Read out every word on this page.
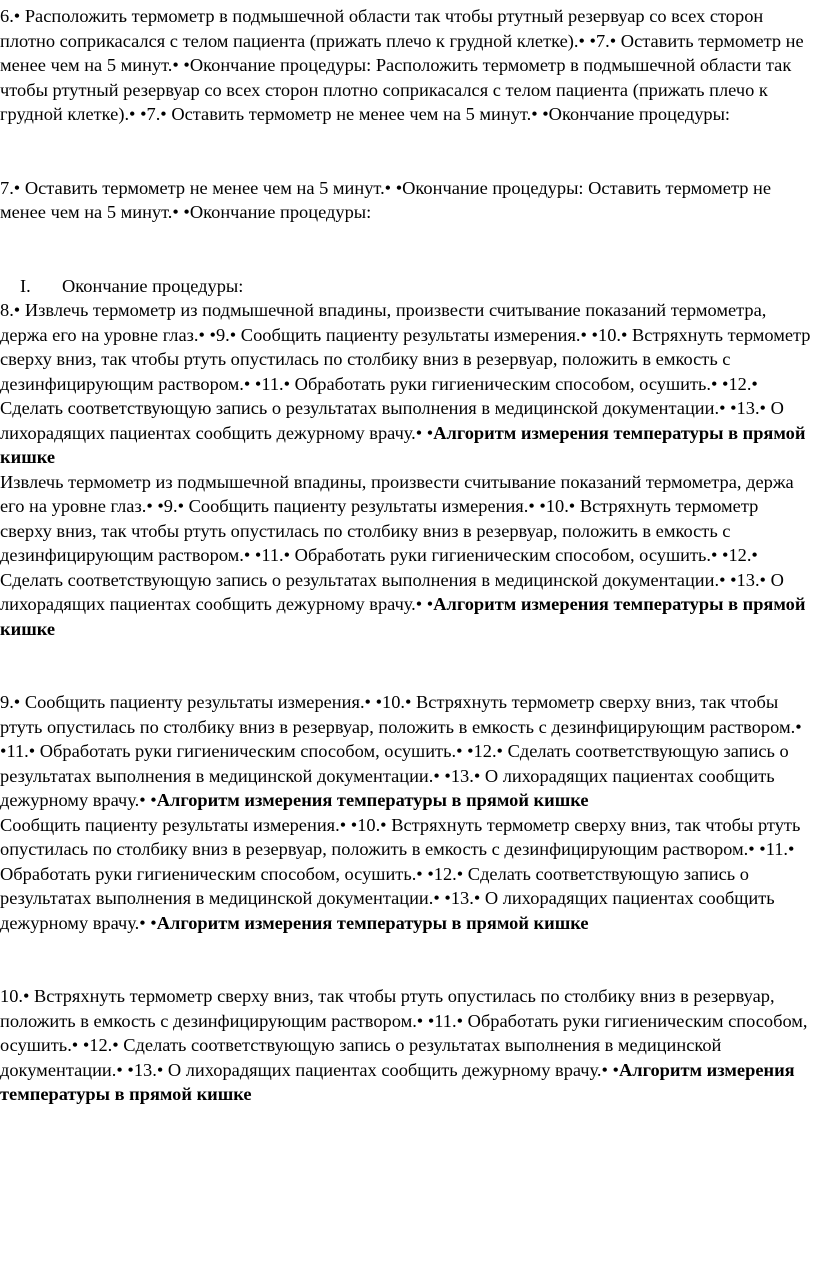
6.• Расположить термометр в подмышечной области так чтобы ртутный резервуар со всех сторон плотно соприкасался с телом пациента (прижать плечо к грудной клетке).• •7.• Оставить термометр не менее чем на 5 минут.• •Окончание процедуры: Расположить термометр в подмышечной области так чтобы ртутный резервуар со всех сторон плотно соприкасался с телом пациента (прижать плечо к грудной клетке).• •7.• Оставить термометр не менее чем на 5 минут.• •Окончание процедуры:

7.• Оставить термометр не менее чем на 5 минут.• •Окончание процедуры: Оставить термометр не менее чем на 5 минут.• •Окончание процедуры:

I. Окончание процедуры:

8.• Извлечь термометр из подмышечной впадины, произвести считывание показаний термометра, держа его на уровне глаз.• •9.• Сообщить пациенту результаты измерения.• •10.• Встряхнуть термометр сверху вниз, так чтобы ртуть опустилась по столбику вниз в резервуар, положить в емкость с дезинфицирующим раствором.• •11.• Обработать руки гигиеническим способом, осушить.• •12.• Сделать соответствующую запись о результатах выполнения в медицинской документации.• •13.• О лихорадящих пациентах сообщить дежурному врачу.• •Алгоритм измерения температуры в прямой кишке

Извлечь термометр из подмышечной впадины, произвести считывание показаний термометра, держа его на уровне глаз.• •9.• Сообщить пациенту результаты измерения.• •10.• Встряхнуть термометр сверху вниз, так чтобы ртуть опустилась по столбику вниз в резервуар, положить в емкость с дезинфицирующим раствором.• •11.• Обработать руки гигиеническим способом, осушить.• •12.• Сделать соответствующую запись о результатах выполнения в медицинской документации.• •13.• О лихорадящих пациентах сообщить дежурному врачу.• •Алгоритм измерения температуры в прямой кишке

9.• Сообщить пациенту результаты измерения.• •10.• Встряхнуть термометр сверху вниз, так чтобы ртуть опустилась по столбику вниз в резервуар, положить в емкость с дезинфицирующим раствором.• •11.• Обработать руки гигиеническим способом, осушить.• •12.• Сделать соответствующую запись о результатах выполнения в медицинской документации.• •13.• О лихорадящих пациентах сообщить дежурному врачу.• •Алгоритм измерения температуры в прямой кишке

Сообщить пациенту результаты измерения.• •10.• Встряхнуть термометр сверху вниз, так чтобы ртуть опустилась по столбику вниз в резервуар, положить в емкость с дезинфицирующим раствором.• •11.• Обработать руки гигиеническим способом, осушить.• •12.• Сделать соответствующую запись о результатах выполнения в медицинской документации.• •13.• О лихорадящих пациентах сообщить дежурному врачу.• •Алгоритм измерения температуры в прямой кишке

10.• Встряхнуть термометр сверху вниз, так чтобы ртуть опустилась по столбику вниз в резервуар, положить в емкость с дезинфицирующим раствором.• •11.• Обработать руки гигиеническим способом, осушить.• •12.• Сделать соответствующую запись о результатах выполнения в медицинской документации.• •13.• О лихорадящих пациентах сообщить дежурному врачу.• •Алгоритм измерения температуры в прямой кишке
